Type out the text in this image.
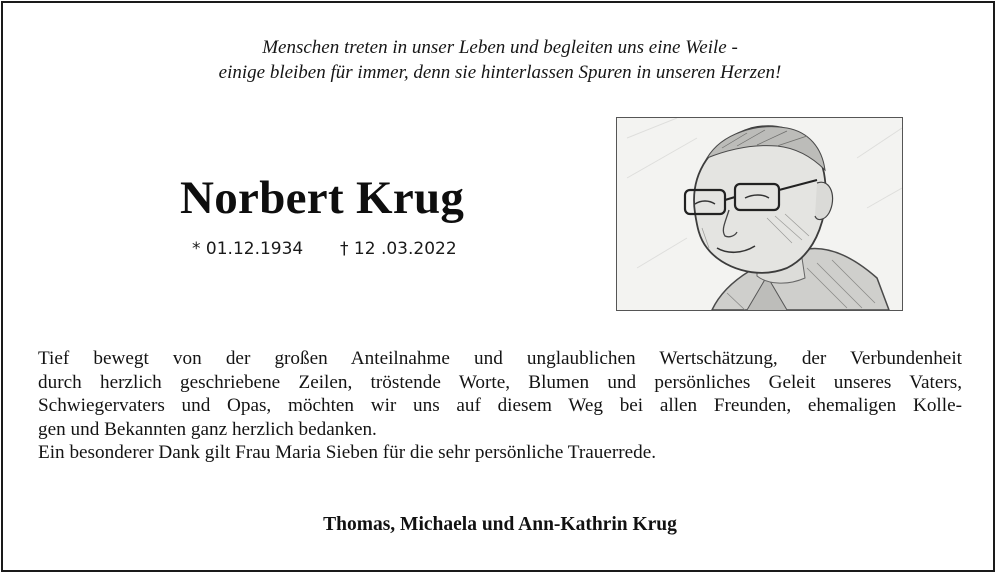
Menschen treten in unser Leben und begleiten uns eine Weile -
einige bleiben für immer, denn sie hinterlassen Spuren in unseren Herzen!
Norbert Krug
* 01.12.1934 † 12 .03.2022
Tief bewegt von der großen Anteilnahme und unglaublichen Wertschätzung, der Verbundenheit
durch herzlich geschriebene Zeilen, tröstende Worte, Blumen und persönliches Geleit unseres Vaters,
Schwiegervaters und Opas, möchten wir uns auf diesem Weg bei allen Freunden, ehemaligen Kolle-
gen und Bekannten ganz herzlich bedanken.
Ein besonderer Dank gilt Frau Maria Sieben für die sehr persönliche Trauerrede.
Thomas, Michaela und Ann-Kathrin Krug
